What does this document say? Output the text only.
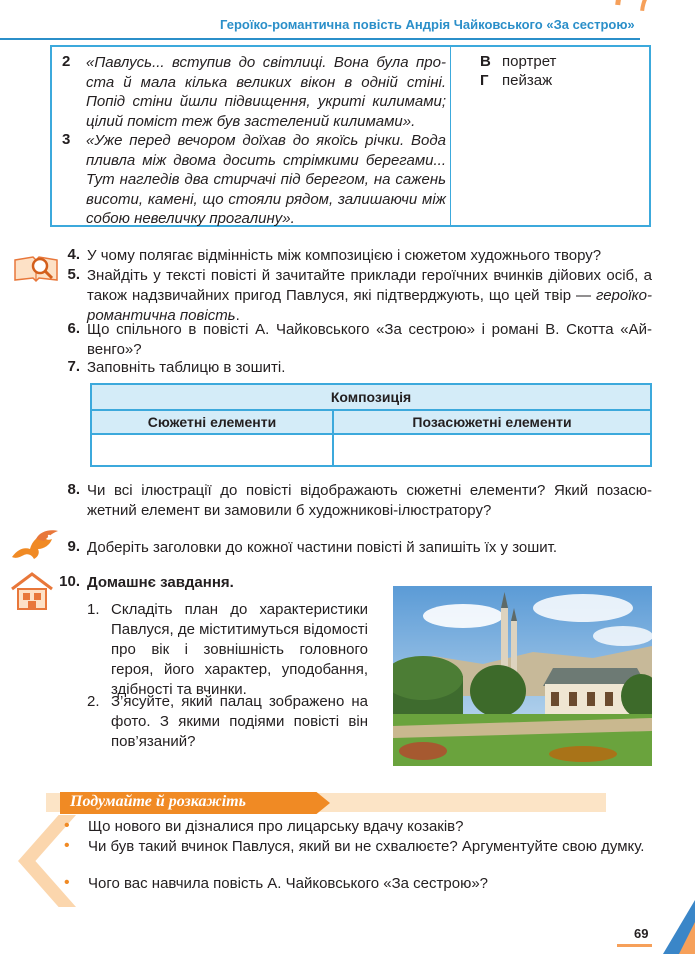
Героїко-романтична повість Андрія Чайковського «За сестрою»
2 «Павлусь... вступив до світлиці. Вона була проста й мала кілька великих вікон в одній стіні. Попід стіни йшли підвищення, укриті килимами; цілий поміст теж був застелений килимами».
3 «Уже перед вечором доїхав до якоїсь річки. Вода пливла між двома досить стрімкими берегами... Тут нагледів два стирчачі під берегом, на сажень висоти, камені, що стояли рядом, залишаючи між собою невеличку прогалину».
В портрет
Г пейзаж
4. У чому полягає відмінність між композицією і сюжетом художнього твору?
5. Знайдіть у тексті повісті й зачитайте приклади героїчних вчинків дійових осіб, а також надзвичайних пригод Павлуся, які підтверджують, що цей твір — героїко-романтична повість.
6. Що спільного в повісті А. Чайковського «За сестрою» і романі В. Скотта «Айвенго»?
7. Заповніть таблицю в зошиті.
Композиція	
Сюжетні елементи	Позасюжетні елементи

8. Чи всі ілюстрації до повісті відображають сюжетні елементи? Який позасюжетний елемент ви замовили б художникові-ілюстратору?
9. Доберіть заголовки до кожної частини повісті й запишіть їх у зошит.
10. Домашнє завдання.
1. Складіть план до характеристики Павлуся, де міститимуться відомості про вік і зовнішність головного героя, його характер, уподобання, здібності та вчинки.
2. З’ясуйте, який палац зображено на фото. З якими подіями повісті він пов’язаний?
Подумайте й розкажіть
• Що нового ви дізналися про лицарську вдачу козаків?
• Чи був такий вчинок Павлуся, який ви не схвалюєте? Аргументуйте свою думку.
• Чого вас навчила повість А. Чайковського «За сестрою»?
69
